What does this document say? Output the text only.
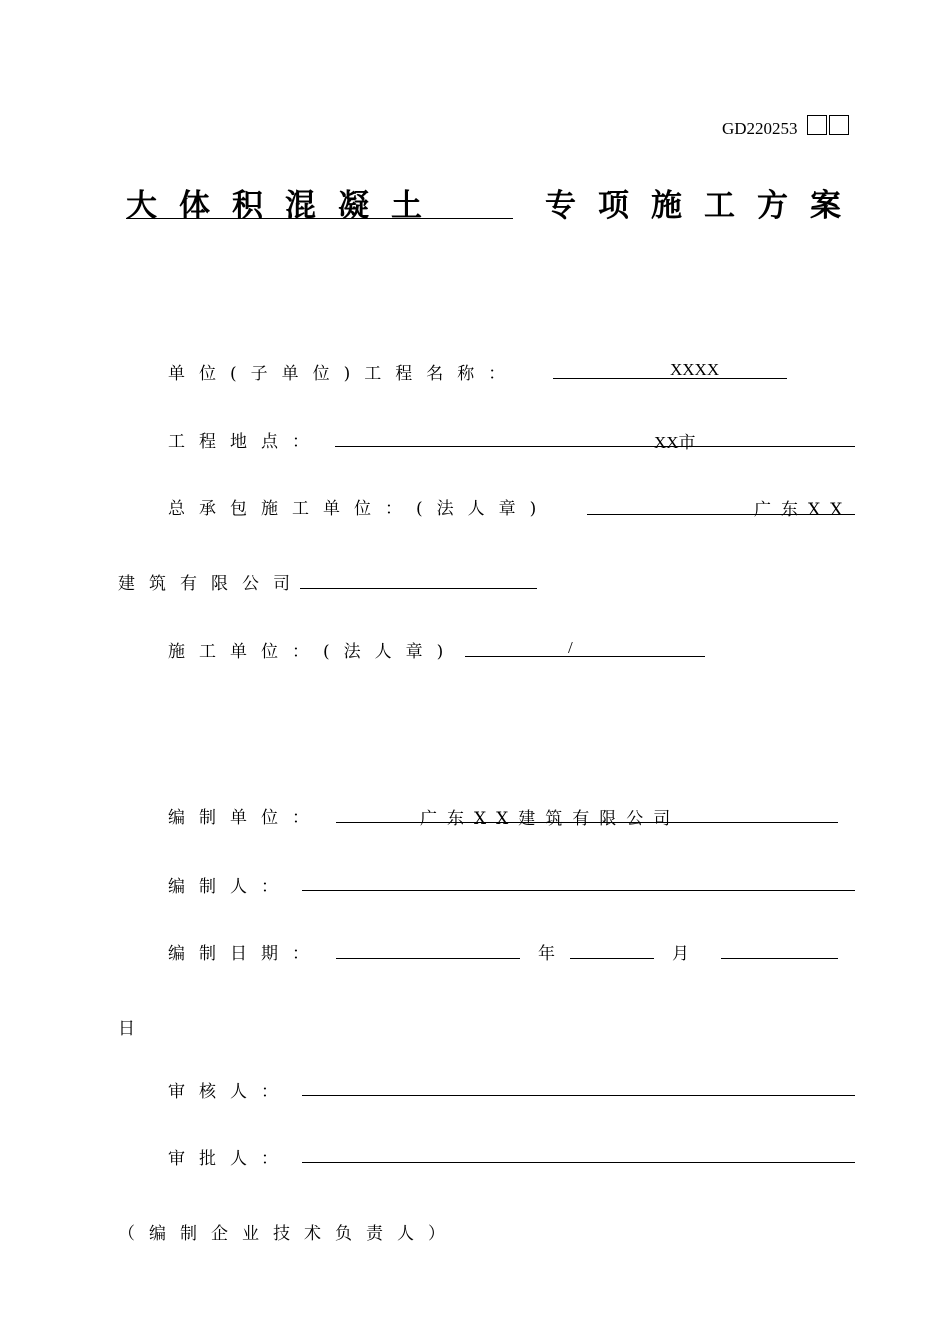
GD220253
大体积混凝土	专项施工方案
单位(子单位)工程名称：	XXXX
工程地点：	XX市
总承包施工单位：(法人章)	广东XX
建筑有限公司
施工单位：(法人章)	/
编制单位：	广东XX建筑有限公司
编制人：
编制日期：	年	月
日
审核人：
审批人：
（编制企业技术负责人）
